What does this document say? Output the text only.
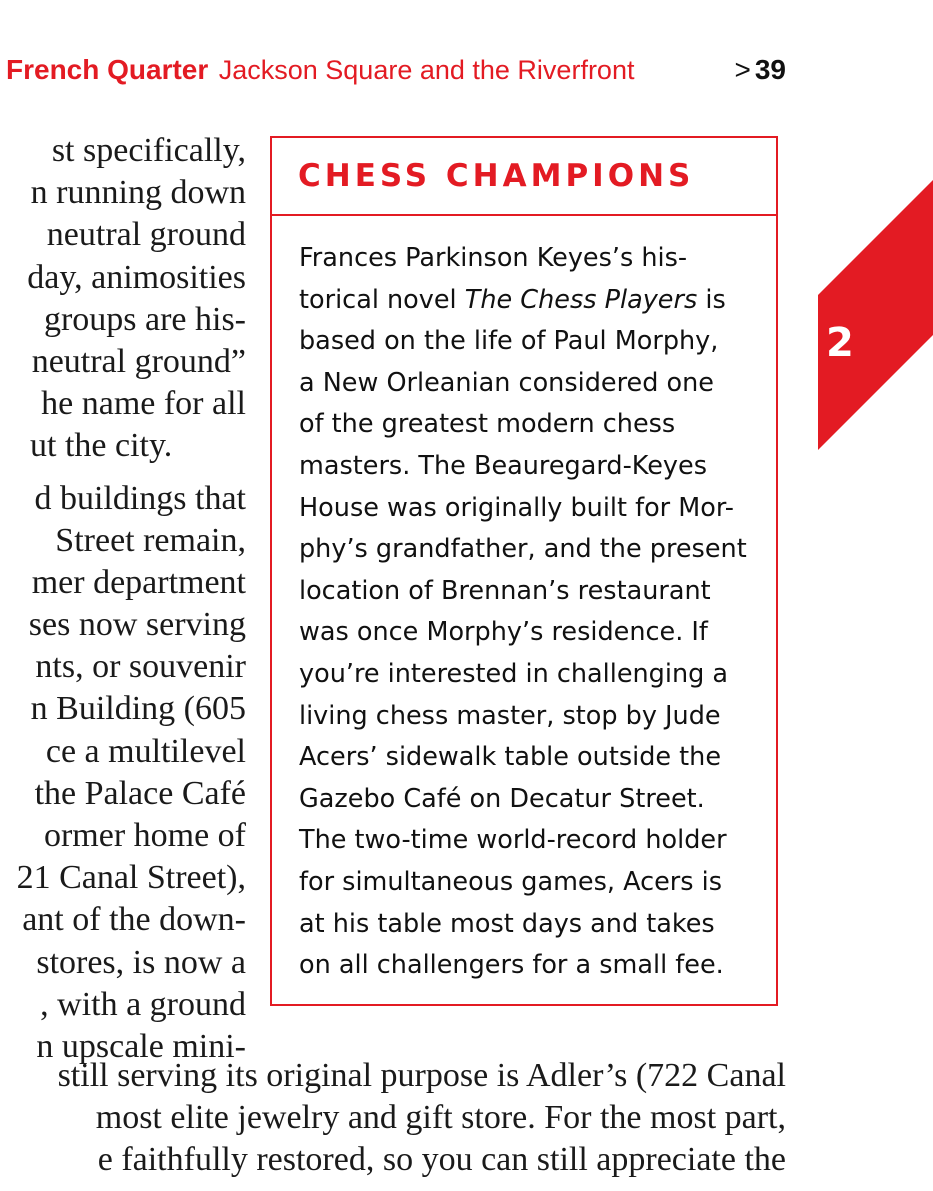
French Quarter Jackson Square and the Riverfront	> 39
st specifically,
n running down
neutral ground
day, animosities
groups are his-
neutral ground”
he name for all
ut the city.
d buildings that
Street remain,
mer department
ses now serving
nts, or souvenir
n Building (605
ce a multilevel
the Palace Café
ormer home of
21 Canal Street),
ant of the down-
stores, is now a
, with a ground
n upscale mini-
CHESS CHAMPIONS
Frances Parkinson Keyes’s his-
torical novel The Chess Players is
based on the life of Paul Morphy,
a New Orleanian considered one
of the greatest modern chess
masters. The Beauregard-Keyes
House was originally built for Mor-
phy’s grandfather, and the present
location of Brennan’s restaurant
was once Morphy’s residence. If
you’re interested in challenging a
living chess master, stop by Jude
Acers’ sidewalk table outside the
Gazebo Café on Decatur Street.
The two-time world-record holder
for simultaneous games, Acers is
at his table most days and takes
on all challengers for a small fee.
still serving its original purpose is Adler’s (722 Canal
most elite jewelry and gift store. For the most part,
e faithfully restored, so you can still appreciate the
2
